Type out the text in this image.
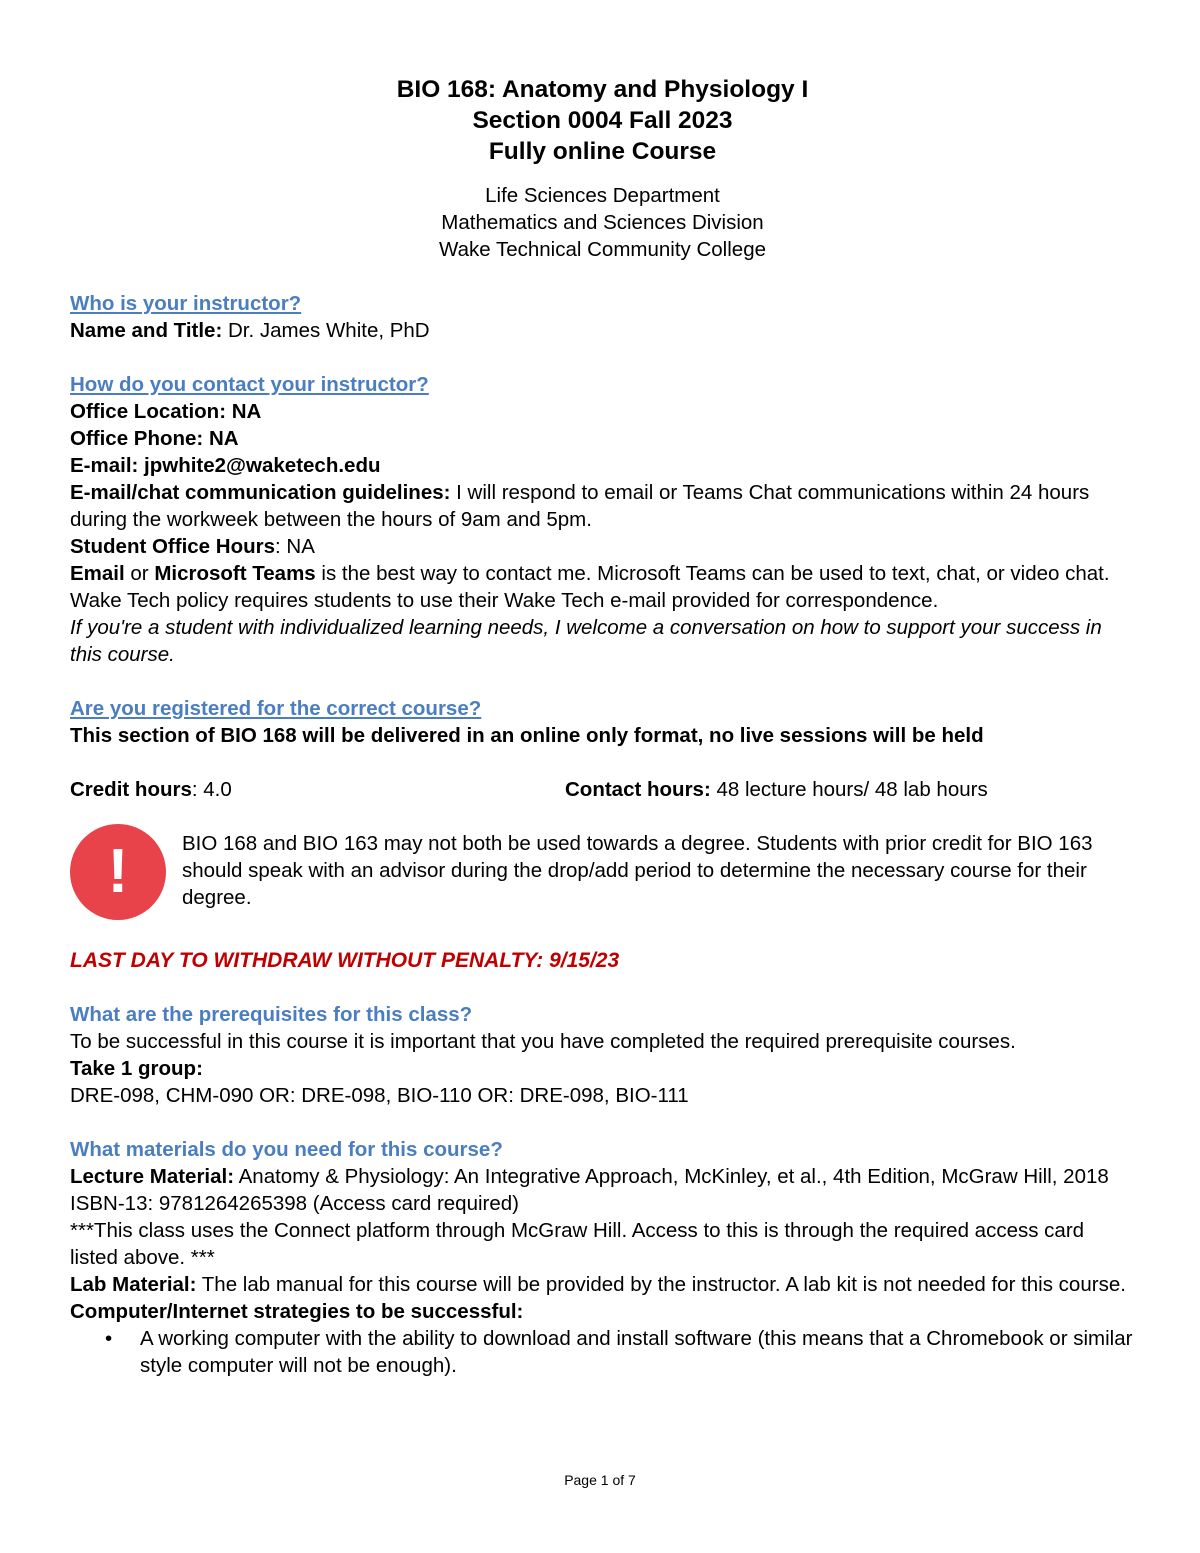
BIO 168: Anatomy and Physiology I
Section 0004 Fall 2023
Fully online Course
Life Sciences Department
Mathematics and Sciences Division
Wake Technical Community College
Who is your instructor?
Name and Title: Dr. James White, PhD
How do you contact your instructor?
Office Location: NA
Office Phone: NA
E-mail: jpwhite2@waketech.edu
E-mail/chat communication guidelines: I will respond to email or Teams Chat communications within 24 hours during the workweek between the hours of 9am and 5pm.
Student Office Hours: NA
Email or Microsoft Teams is the best way to contact me. Microsoft Teams can be used to text, chat, or video chat. Wake Tech policy requires students to use their Wake Tech e-mail provided for correspondence.
If you're a student with individualized learning needs, I welcome a conversation on how to support your success in this course.
Are you registered for the correct course?
This section of BIO 168 will be delivered in an online only format, no live sessions will be held
Credit hours: 4.0	Contact hours: 48 lecture hours/ 48 lab hours
!	BIO 168 and BIO 163 may not both be used towards a degree. Students with prior credit for BIO 163 should speak with an advisor during the drop/add period to determine the necessary course for their degree.
LAST DAY TO WITHDRAW WITHOUT PENALTY: 9/15/23
What are the prerequisites for this class?
To be successful in this course it is important that you have completed the required prerequisite courses.
Take 1 group:
DRE-098, CHM-090 OR: DRE-098, BIO-110 OR: DRE-098, BIO-111
What materials do you need for this course?
Lecture Material: Anatomy & Physiology: An Integrative Approach, McKinley, et al., 4th Edition, McGraw Hill, 2018 ISBN-13: 9781264265398 (Access card required)
***This class uses the Connect platform through McGraw Hill. Access to this is through the required access card listed above. ***
Lab Material: The lab manual for this course will be provided by the instructor. A lab kit is not needed for this course.
Computer/Internet strategies to be successful:
• A working computer with the ability to download and install software (this means that a Chromebook or similar style computer will not be enough).
Page 1 of 7
